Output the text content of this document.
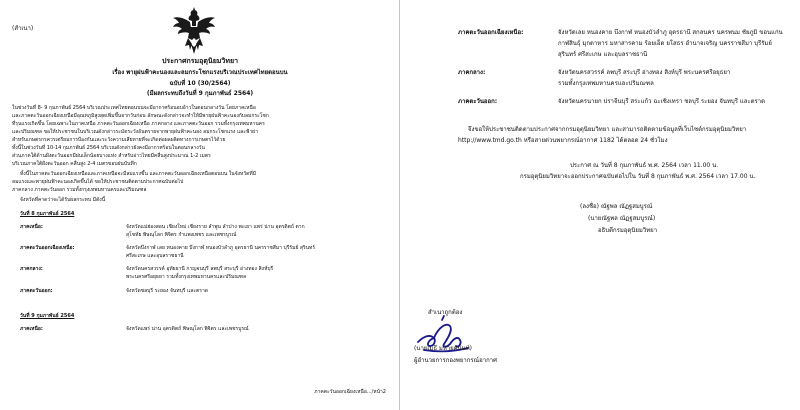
(สำเนา)
ประกาศกรมอุตุนิยมวิทยา
เรื่อง พายุฝนฟ้าคะนองและลมกระโชกแรงบริเวณประเทศไทยตอนบน
ฉบับที่ 10 (30/2564)
(มีผลกระทบถึงวันที่ 9 กุมภาพันธ์ 2564)
ในช่วงวันที่ 8- 9 กุมภาพันธ์ 2564 บริเวณประเทศไทยตอนบนจะมีอากาศร้อนอบอ้าวในตอนกลางวัน โดยภาคเหนือ
และภาคตะวันออกเฉียงเหนือมีอุณหภูมิสูงสุดเพิ่มขึ้นจากวันก่อน ลักษณะดังกล่าวจะทำให้มีพายุฝนฟ้าคะนองกับลมกระโชก
ที่รุนแรงเกิดขึ้น โดยเฉพาะในภาคเหนือ ภาคตะวันออกเฉียงเหนือ ภาคกลาง และภาคตะวันออก รวมทั้งกรุงเทพมหานคร
และปริมณฑล ขอให้ประชาชนในบริเวณดังกล่าวระมัดระวังอันตรายจากพายุฝนฟ้าคะนอง ลมกระโชกแรง และฟ้าผ่า
สำหรับเกษตรกรควรเตรียมการป้องกันและระวังความเสียหายที่จะเกิดต่อผลผลิตทางการเกษตรไว้ด้วย
ทั้งนี้ในช่วงวันที่ 10-14 กุมภาพันธ์ 2564 บริเวณดังกล่าวยังคงมีอากาศร้อนในตอนกลางวัน
ส่วนภาคใต้ด้านฝั่งตะวันออกมีฝนเล็กน้อยบางแห่ง สำหรับอ่าวไทยมีคลื่นสูงประมาณ 1-2 เมตร
บริเวณภาคใต้ฝั่งตะวันออก คลื่นสูง 2-4 เมตรขอบฝนบันทึก
ทั้งนี้ในภาคตะวันออกเฉียงเหนือและภาคเหนือจะมีลมแรงขึ้น และภาคตะวันออกเฉียงเหนือตอนบน ในจังหวัดที่มี
ลมแรงและพายุฝนฟ้าคะนองเกิดขึ้นได้ ขอให้ประชาชนติดตามประกาศฉบับต่อไป
ภาคกลาง ภาคตะวันออก รวมทั้งกรุงเทพมหานครและปริมณฑล
จังหวัดที่คาดว่าจะได้รับผลกระทบ มีดังนี้
วันที่ 8 กุมภาพันธ์ 2564
ภาคเหนือ:	จังหวัดแม่ฮ่องสอน เชียงใหม่ เชียงราย ลำพูน ลำปาง พะเยา แพร่ น่าน อุตรดิตถ์ ตาก
สุโขทัย พิษณุโลก พิจิตร กำแพงเพชร และเพชรบูรณ์
ภาคตะวันออกเฉียงเหนือ:	จังหวัดบึงกาฬ เลย หนองคาย บึงกาฬ หนองบัวลำภู อุดรธานี นครราชสีมา บุรีรัมย์ สุรินทร์
ศรีสะเกษ และอุบลราชธานี
ภาคกลาง:	จังหวัดนครสวรรค์ อุทัยธานี กาญจนบุรี ลพบุรี สระบุรี อ่างทอง สิงห์บุรี
พระนครศรีอยุธยา รวมทั้งกรุงเทพมหานครและปริมณฑล
ภาคตะวันออก:	จังหวัดชลบุรี ระยอง จันทบุรี และตราด
วันที่ 9 กุมภาพันธ์ 2564
ภาคเหนือ:	จังหวัดแพร่ น่าน อุตรดิตถ์ พิษณุโลก พิจิตร และเพชรบูรณ์
ภาคตะวันออกเฉียงเหนือ.../หน้า2
ภาคตะวันออกเฉียงเหนือ:	จังหวัดเลย หนองคาย บึงกาฬ หนองบัวลำภู อุดรธานี สกลนคร นครพนม ชัยภูมิ ขอนแก่น
กาฬสินธุ์ มุกดาหาร มหาสารคาม ร้อยเอ็ด ยโสธร อำนาจเจริญ นครราชสีมา บุรีรัมย์
สุรินทร์ ศรีสะเกษ และอุบลราชธานี
ภาคกลาง:	จังหวัดนครสวรรค์ ลพบุรี สระบุรี อ่างทอง สิงห์บุรี พระนครศรีอยุธยา
รวมทั้งกรุงเทพมหานครและปริมณฑล
ภาคตะวันออก:	จังหวัดนครนายก ปราจีนบุรี สระแก้ว ฉะเชิงเทรา ชลบุรี ระยอง จันทบุรี และตราด
จึงขอให้ประชาชนติดตามประกาศจากกรมอุตุนิยมวิทยา และสามารถติดตามข้อมูลที่เว็บไซต์กรมอุตุนิยมวิทยา
http://www.tmd.go.th หรือสายด่วนพยากรณ์อากาศ 1182 ได้ตลอด 24 ชั่วโมง
ประกาศ ณ วันที่ 8 กุมภาพันธ์ พ.ศ. 2564 เวลา 11.00 น.
กรมอุตุนิยมวิทยาจะออกประกาศฉบับต่อไปใน วันที่ 8 กุมภาพันธ์ พ.ศ. 2564 เวลา 17.00 น.
(ลงชื่อ) ณัฐพล ณัฏฐสมบูรณ์
(นายณัฐพล ณัฏฐสมบูรณ์)
อธิบดีกรมอุตุนิยมวิทยา
สำเนาถูกต้อง
(นายเมธี มหายศนันท์)
ผู้อำนวยการกองพยากรณ์อากาศ
